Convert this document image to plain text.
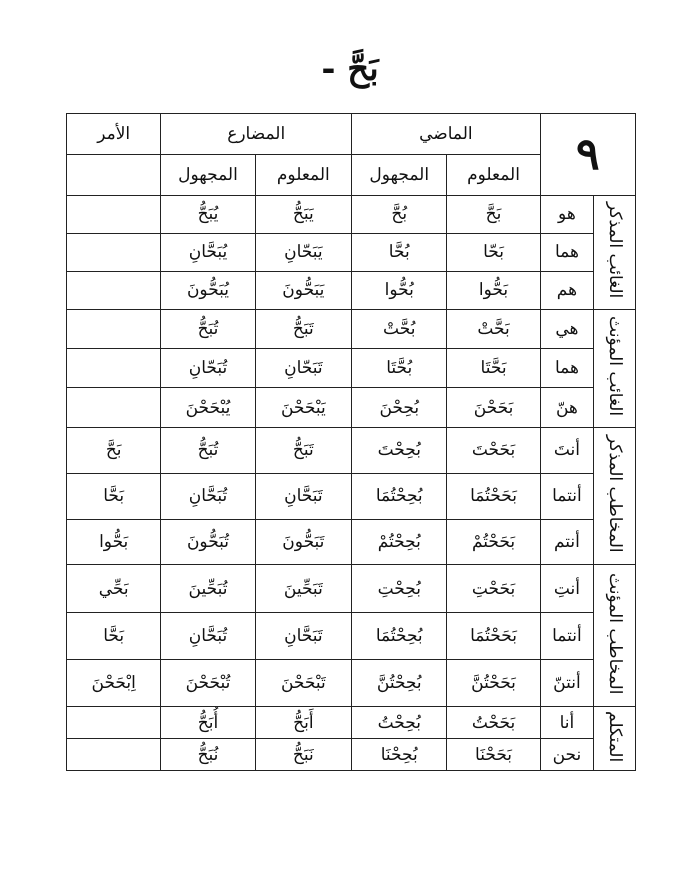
بَحَّ -
٩		الماضي		المضارع		الأمر
		المعلوم	المجهول	المعلوم	المجهول	
الغائب المذكر	هو	بَحَّ	بُحَّ	يَبَحُّ	يُبَحُّ	
	هما	بَحّا	بُحَّا	يَبَحّانِ	يُبَحَّانِ	
	هم	بَحُّوا	بُحُّوا	يَبَحُّونَ	يُبَحُّونَ	
الغائب المؤنث	هي	بَحَّتْ	بُحَّتْ	تَبَحُّ	تُبَحُّ	
	هما	بَحَّتَا	بُحَّتَا	تَبَحّانِ	تُبَحّانِ	
	هنّ	بَحَحْنَ	بُحِحْنَ	يَبْحَحْنَ	يُبْحَحْنَ	
المخاطب المذكر	أنتَ	بَحَحْتَ	بُحِحْتَ	تَبَحُّ	تُبَحُّ	بَحَّ
	أنتما	بَحَحْتُمَا	بُحِحْتُمَا	تَبَحَّانِ	تُبَحَّانِ	بَحَّا
	أنتم	بَحَحْتُمْ	بُحِحْتُمْ	تَبَحُّونَ	تُبَحُّونَ	بَحُّوا
المخاطب المؤنث	أنتِ	بَحَحْتِ	بُحِحْتِ	تَبَحِّينَ	تُبَحِّينَ	بَحِّي
	أنتما	بَحَحْتُمَا	بُحِحْتُمَا	تَبَحَّانِ	تُبَحَّانِ	بَحَّا
	أنتنّ	بَحَحْتُنَّ	بُحِحْتُنَّ	تَبْحَحْنَ	تُبْحَحْنَ	اِبْحَحْنَ
المتكلم	أنا	بَحَحْتُ	بُحِحْتُ	أَبَحُّ	أُبَحُّ	
	نحن	بَحَحْنَا	بُحِحْنَا	نَبَحُّ	نُبَحُّ	
